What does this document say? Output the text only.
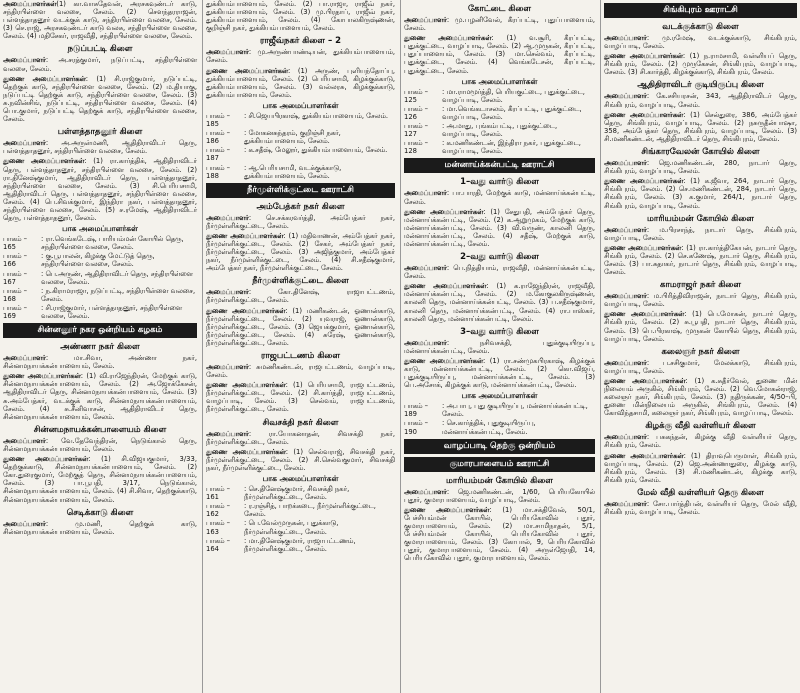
அமைப்பாளர்கள்(1) கா.வாசுதேவன், அரசகவுண்டர் காடு, சந்திரபிள்ளை வலசை, சேலம். (2) செளந்தரராஜன், பள்ளத்தாதனூர் வடக்குக் காடு, சந்திரபிள்ளை வலசை, சேலம். (3) செ.ராஜ், அரசகவுண்டர் காடு வலசு, சந்திரபிள்ளை வலசை, சேலம். (4) மதிசேகர், ராஜவீதி, சந்திரபிள்ளை வலசை, சேலம்.

நடுப்பட்டி கிளை

அமைப்பாளர்: அ.சரத்குமார், நடுப்பட்டி, சந்திரபிள்ளை வலசை, சேலம்.

துணை அமைப்பாளர்கள்: (1) சி.ராஜ்குமார், நடுப்பட்டி, தெற்குக் காடு, சந்திரபிள்ளை வலசை, சேலம். (2) ம.தியாகு, நடுப்பட்டி தெற்குக் காடு, சந்திரபிள்ளை வலசை, சேலம். (3) சு.நவின்சிங், நடுப்பட்டி, சந்திரபிள்ளை வலசை, சேலம். (4) பொ.குமார், நடுப்பட்டி தெற்குக் காடு, சந்திரபிள்ளை வலசை, சேலம்.

பள்ளத்தாதனூர் கிளை

அமைப்பாளர்: அ.அருள்மணி, ஆதிதிராவிடர் தெரு, பள்ளத்தாதனூர், சந்திரபிள்ளை வலசை, சேலம்.

துணை அமைப்பாளர்கள்: (1) ரா.கார்த்திக், ஆதிதிராவிடர் தெரு, பள்ளத்தாதனூர், சந்திரபிள்ளை வலசை, சேலம். (2) ரா.தினேஷ்குமார், ஆதிதிராவிடர் தெரு, பள்ளத்தாதனூர், சந்திரபிள்ளை வலசை, சேலம். (3) சி.பெரியசாமி, ஆதிதிராவிடர் தெரு, பள்ளத்தாதனூர், சந்திரபிள்ளை வலசை, சேலம். (4) பெ.சிவக்குமார், இந்திரா நகர், பள்ளத்தாதனூர், சந்திரபிள்ளை வலசை, சேலம். (5) ச.ரமேஷ், ஆதிதிராவிடர் தெரு, பள்ளத்தாதனூர், சேலம்.

பாக அமைப்பாளர்கள்
பாகம் – 165
: ரா.வெங்கடேஷ், பாரியம்மன் கோயில் தெரு, சந்திரபிள்ளை வலசை, சேலம்.
பாகம் – 166
: கு.பூபாலன், கிழக்கு மேட்டுத் தெரு, சந்திரபிள்ளை வலசை, சேலம்.
பாகம் – 167
: பெ.அருண், ஆதிதிராவிடர் தெரு, சந்திரபிள்ளை வலசை, சேலம்.
பாகம் – 168
: ந.கிராமராஜா, நடுப்பட்டி, சந்திரபிள்ளை வலசை, சேலம்.
பாகம் – 169
: சி.ராஜ்குமார், பள்ளத்தாதனூர், சந்திரபிள்ளை வலசை, சேலம்.
சின்னனூர் நகர ஒன்றியம் கழகம்
அண்ணா நகர் கிளை

அமைப்பாளர்: மா.சிவா, அண்ணா நகர், சின்னமநாயக்கன்பாளையம், சேலம்.

துணை அமைப்பாளர்கள்: (1) வி.ராஜேந்திரன், மேற்குக் காடு, சின்னமநாயக்கன்பாளையம், சேலம். (2) அ.ஜோக்கேசன், ஆதிதிராவிடர் தெரு, சின்னமநாயக்கன்பாளையம், சேலம். (3) சு.அம்பேத்கர், வடக்குக் காடு, சின்னமநாயக்கன்பாளையம், சேலம். (4) சு.சீனிவாசன், ஆதிதிராவிடர் தெரு, சின்னமநாயக்கன்பாளையம், சேலம்.

சின்னமநாயக்கன்பாளையம் கிளை

அமைப்பாளர்: வே.தேவேந்திரன், நெடுங்கால் தெரு, சின்னமநாயக்கன்பாளையம், சேலம்.

துணை அமைப்பாளர்கள்: (1) சி.விஜயகுமார், 3/33, தெற்குக்காடு, சின்னமநாயக்கன்பாளையம், சேலம். (2) கோ.துரைகுமார், மேற்குத் தெரு, சின்னமநாயக்கன்பாளையம், சேலம். (3) பா.பூபதி, 3/17, நெடுங்கால், சின்னமநாயக்கன்பாளையம், சேலம். (4) சி.சிவா, தெற்குக்காடு, சின்னமநாயக்கன்பாளையம், சேலம்.

செடிக்காடு கிளை

அமைப்பாளர்: மு.மணி, தெற்குக் காடு, சின்னமநாயக்கன்பாளையம், சேலம்.

துக்கியம்பாளையம், சேலம். (2) பா.ராஜா, ராஜீவ் நகர், துக்கியம்பாளையம், சேலம். (3) மு.பிரதாப், ராஜீவ் நகர், துக்கியம்பாளையம், சேலம். (4) கோபாலகிருஷ்ணன், குறிஞ்சி நகர், துக்கியம்பாளையம், சேலம்.

ராஜீவ்நகர் கிளை – 2

அமைப்பாளர்: மு.அருண்பாண்டியன், துக்கியம்பாளையம், சேலம்.

துணை அமைப்பாளர்கள்: (1) அருண், புளியந்தோப்பு, துக்கியம்பாளையம், சேலம். (2) பெரியசாமி, கிழக்குக்காடு, துக்கியம்பாளையம், சேலம். (3) வல்லரசு, கிழக்குக்காடு, துக்கியம்பாளையம், சேலம்.

பாக அமைப்பாளர்கள்
பாகம் – 185
: சி.ஜெயபிரகாஷ், துக்கியம்பாளையம், சேலம்.
பாகம் – 186
: மோகனசுந்தரம், குறிஞ்சி நகர், துக்கியம்பாளையம், சேலம்.
பாகம் – 187
: க.சதீஷ், மேலூர், துக்கியம்பாளையம், சேலம்.
பாகம் – 188
: ஆ.பெரியசாமி, வடக்குக்காடு, துக்கியம்பாளையம், சேலம்.
நீர்முள்ளிக்குட்டை ஊராட்சி
அம்பேத்கர் நகர் கிளை

அமைப்பாளர்: செ.சக்கரவர்த்தி, அம்பேத்கர் நகர், நீர்முள்ளிக்குட்டை, சேலம்.

துணை அமைப்பாளர்கள்: (1) மதிவாணன், அம்பேத்கர் நகர், நீர்முள்ளிக்குட்டை, சேலம். (2) சேகர், அம்பேத்கர் நகர், நீர்முள்ளிக்குட்டை, சேலம். (3) அஜித்குமார், அம்பேத்கர் நகர், நீர்முள்ளிக்குட்டை, சேலம். (4) சி.சதீஷ்குமார், அம்பேத்கர் நகர், நீர்முள்ளிக்குட்டை, சேலம்.

நீர்முள்ளிக்குட்டை கிளை

அமைப்பாளர்: கோ.தினேஷ், ராஜாபட்டணம், நீர்முள்ளிக்குட்டை, சேலம்.

துணை அமைப்பாளர்கள்: (1) மணிகண்டன், ஓணான்காடு, நீர்முள்ளிக்குட்டை, சேலம். (2) யுவராஜ், ஓணான்காடு, நீர்முள்ளிக்குட்டை, சேலம். (3) ஜெயக்குமார், ஓணான்காடு, நீர்முள்ளிக்குட்டை, சேலம். (4) சுரேஷ், ஓணான்காடு, நீர்முள்ளிக்குட்டை, சேலம்.

ராஜபட்டணம் கிளை

அமைப்பாளர்: சுமணிகண்டன், ராஜபட்டணம், வாழப்பாடி, சேலம்.

துணை அமைப்பாளர்கள்: (1) பெரியசாமி, ராஜபட்டணம், நீர்முள்ளிக்குட்டை, சேலம். (2) சி.கார்த்தி, ராஜபட்டணம், வாழப்பாடி, சேலம். (3) செல்வம், ராஜபட்டணம், நீர்முள்ளிக்குட்டை, சேலம்.

சிவசக்தி நகர் கிளை

அமைப்பாளர்: ரா.யோகனாதன், சிவசக்தி நகர், நீர்முள்ளிக்குட்டை, சேலம்.

துணை அமைப்பாளர்கள்: (1) செல்வராஜ், சிவசக்தி நகர், நீர்முள்ளிக்குட்டை, சேலம். (2) சி.செல்வகுமார், சிவசக்தி நகர், நீர்முள்ளிக்குட்டை, சேலம்.

பாக அமைப்பாளர்கள்
பாகம் – 161
: செ.தினேஷ்குமார், சிவசக்தி நகர், நீர்முள்ளிக்குட்டை, சேலம்.
பாகம் – 162
: ர.ரஞ்சித், பாறக்கடை, நீர்முள்ளிக்குட்டை, சேலம்.
பாகம் – 163
: பெ.வேல்முருகன், புதுக்காடு, நீர்முள்ளிக்குட்டை, சேலம்.
பாகம் – 164
: மா.தினேஷ்குமார், ராஜாபட்டணம், நீர்முள்ளிக்குட்டை, சேலம்.
கோட்டை கிளை

அமைப்பாளர்: மு.பழனிவேல், கீரப்பட்டி, புதுப்பாளையம், சேலம்.

துணை அமைப்பாளர்கள்: (1) வ.சூரி, கீரப்பட்டி, புதுக்குட்டை, வாழப்பாடி, சேலம். (2) ஆ.முருகன், கீரப்பட்டி, புதுப்பாளையம், சேலம். (3) மா.செல்வம், கீரப்பட்டி, புதுக்குட்டை, சேலம். (4) வெங்கடேசன், கீரப்பட்டி, புதுக்குட்டை, சேலம்.

பாக அமைப்பாளர்கள்
பாகம் – 125
: மா.ராமமூர்த்தி, பெரியகுட்டை, புதுக்குட்டை, வாழப்பாடி, சேலம்.
பாகம் – 126
: மா.வெங்கடாசலம், கீரப்பட்டி, புதுக்குட்டை, வாழப்பாடி, சேலம்.
பாகம் – 127
: அ.மாது, புங்கம்பட்டி, புதுக்குட்டை, வாழப்பாடி, சேலம்.
பாகம் – 128
: க.மணிகண்டன், இந்திரா நகர், புதுக்குட்டை, வாழப்பாடி, சேலம்.
மன்னாய்க்கன்பட்டி ஊராட்சி
1–வது வார்டு கிளை

அமைப்பாளர்: பா.பாரதி, மேற்குக் காடு, மன்னாய்க்கன்பட்டி, சேலம்.

துணை அமைப்பாளர்கள்: (1) சேதுபதி, அம்பேத்கர் தெரு, மன்னாய்க்கன்பட்டி, சேலம். (2) க.ஆறுமுகம், மேற்குக் காடு, மன்னாய்க்கன்பட்டி, சேலம். (3) வி.வருண், காலனி தெரு, மன்னாய்க்கன்பட்டி, சேலம். (4) சதீஷ், மேற்குக் காடு, மன்னாய்க்கன்பட்டி, சேலம்.

2–வது வார்டு கிளை

அமைப்பாளர்: பெ.நித்தியாம், ராஜவீதி, மன்னாய்க்கன்பட்டி, சேலம்.

துணை அமைப்பாளர்கள்: (1) க.ராஜேந்திரன், ராஜவீதி, மன்னாய்க்கன்பட்டி, சேலம். (2) ம.கோகுலகிருஷ்ணன், காலனி தெரு, மன்னாய்க்கன்பட்டி, சேலம். (3) ப.சதீஷ்குமார், காலனி தெரு, மன்னாய்க்கன்பட்டி, சேலம். (4) ரா.பாஸ்கர், காலனி தெரு, மன்னாய்க்கன்பட்டி, சேலம்.

3–வது வார்டு கிளை

அமைப்பாளர்: நசிவசக்தி, புதுக்குடியிருப்பு, மன்னாய்க்கன்பட்டி, சேலம்.

துணை அமைப்பாளர்கள்: (1) ரா.சண்முகபிரகாஷ், கிழக்குக் காடு, மன்னாய்க்கன்பட்டி, சேலம். (2) கொ.விஜய், புதுக்குடியிருப்பு, மன்னாய்க்கன்பட்டி, சேலம். (3) பெ.அசோக், கிழக்குக் காடு, மன்னாய்க்கன்பட்டி, சேலம்.

பாக அமைப்பாளர்கள்
பாகம் – 189
: அ.பாபு, புது குடியிருப்பு, மன்னாய்க்கன்பட்டி, சேலம்.
பாகம் – 190
: செ.கார்த்திக், புதுகுடியிருப்பு, மன்னாய்க்கன்பட்டி, சேலம்.
வாழப்பாடி தெற்கு ஒன்றியம்
குமாரபாளையம் ஊராட்சி
மாரியம்மன் கோயில் கிளை

அமைப்பாளர்: ஜெ.மணிகண்டன், 1/60, பெரியகோயில் புதூர், குமாரபாளையம், வாழப்பாடி, சேலம்.

துணை அமைப்பாளர்கள்: (1) மா.சக்திவேல், 50/1, பேச்சியம்மன் கோயில், பெரியகோவில் புதூர், குமாரபாளையம், சேலம். (2) மா.சாமிநாதன், 5/1, பேச்சியம்மன் கோயில், பெரியகோவில் புதூர், குமாரபாளையம், சேலம். (3) கோபால், 9, பெரியகோவில் புதூர், குமாரபாளையம், சேலம். (4) அருள்ஜோதி, 14, பெரியகோவில் புதூர், குமாரபாளையம், சேலம்.

சிங்கிபுரம் ஊராட்சி
வடக்குக்காடு கிளை

அமைப்பாளர்: மு.ரமேஷ், வடக்குக்காடு, சிங்கிபுரம், வாழப்பாடி, சேலம்.

துணை அமைப்பாளர்கள்: (1) ந.ராமசாமி, வள்ளியப் தெரு, சிங்கிபுரம், சேலம். (2) முருகேசன், சிங்கிபுரம், வாழப்பாடி, சேலம். (3) சி.கார்த்தி, கிழக்குக்காடு, சிங்கிபுரம், சேலம்.

ஆதிதிராவிடர் குடியிருப்பு கிளை

அமைப்பாளர்: கே.சசியரசன், 343, ஆதிதிராவிடர் தெரு, சிங்கிபுரம், வாழப்பாடி, சேலம்.

துணை அமைப்பாளர்கள்: (1) செல்துரை, 386, அம்பேத்கர் தெரு, சிங்கிபுரம், வாழப்பாடி, சேலம். (2) நசுருதீன்பாஷா, 358, அம்பேத்கர் தெரு, சிங்கிபுரம், வாழப்பாடி, சேலம். (3) சி.மணிகண்டன், ஆதிதிராவிடர் தெரு, சிங்கிபுரம், சேலம்.

சிங்காரவேலன் கோயில் கிளை

அமைப்பாளர்: ஜெ.மணிகண்டன், 280, நாடார் தெரு, சிங்கிபுரம், வாழப்பாடி, சேலம்.

துணை அமைப்பாளர்கள்: (1) க.ஜீவா, 264, நாடார் தெரு, சிங்கிபுரம், சேலம். (2) செ.மணிகண்டன், 284, நாடார் தெரு, சிங்கிபுரம், சேலம். (3) க.குமார், 264/1, நாடார் தெரு, சிங்கிபுரம், வாழப்பாடி, சேலம்.

மாரியம்மன் கோயில் கிளை

அமைப்பாளர்: ம.பிரசாந்த், நாடார் தெரு, சிங்கிபுரம், வாழப்பாடி, சேலம்.

துணை அமைப்பாளர்கள்: (1) ரா.கார்த்திகேயன், நாடார் தெரு, சிங்கிபுரம், சேலம். (2) செ.கணேஷ், நாடார் தெரு, சிங்கிபுரம், சேலம். (3) பா.சுதாகர், நாடார் தெரு, சிங்கிபுரம், வாழப்பாடி, சேலம்.

காமராஜர் நகர் கிளை

அமைப்பாளர்: ம.பிரித்திவிராஜன், நாடார் தெரு, சிங்கிபுரம், வாழப்பாடி, சேலம்.

துணை அமைப்பாளர்கள்: (1) பெ.மோகன், நாடார் தெரு, சிங்கிபுரம், சேலம். (2) சு.பூபதி, நாடார் தெரு, சிங்கிபுரம், சேலம். (3) பெ.பிரகாஷ், முருகன் கோயில் தெரு, சிங்கிபுரம், வாழப்பாடி, சேலம்.

கலைஞர் நகர் கிளை

அமைப்பாளர்: ப.சசிகுமார், மேலக்காடு, சிங்கிபுரம், வாழப்பாடி, சேலம்.

துணை அமைப்பாளர்கள்: (1) க.சுதீர்வேல், துணை மின் நிலையம் அருகில், சிங்கிபுரம், சேலம். (2) வெ.மோகன்ராஜ், கலைஞர் நகர், சிங்கிபுரம், சேலம். (3) நதிருக்கண், 4/50–பி, துணை மின்நிலையம் அருகில், சிங்கிபுரம், சேலம். (4) கோவிந்தசாமி, கலைஞர் நகர், சிங்கிபுரம், வாழப்பாடி, சேலம்.

கிழக்கு வீதி வள்ளியர் கிளை

அமைப்பாளர்: பசுகந்தன், கிழக்கு வீதி வள்ளியர் தெரு, சிங்கிபுரம், சேலம்.

துணை அமைப்பாளர்கள்: (1) திராவுபெருமாள், சிங்கிபுரம், வாழப்பாடி, சேலம். (2) ஜெ.அண்ணாதுரை, கிழக்கு காடு, சிங்கிபுரம், சேலம். (3) சி.மணிகண்டன், கிழக்கு காடு, சிங்கிபுரம், சேலம்.

மேல் வீதி வள்ளியர் தெரு கிளை

அமைப்பாளர்: சோ.பார்த்திபன், வள்ளியர் தெரு, மேல் வீதி, சிங்கிபுரம், வாழப்பாடி, சேலம்.
